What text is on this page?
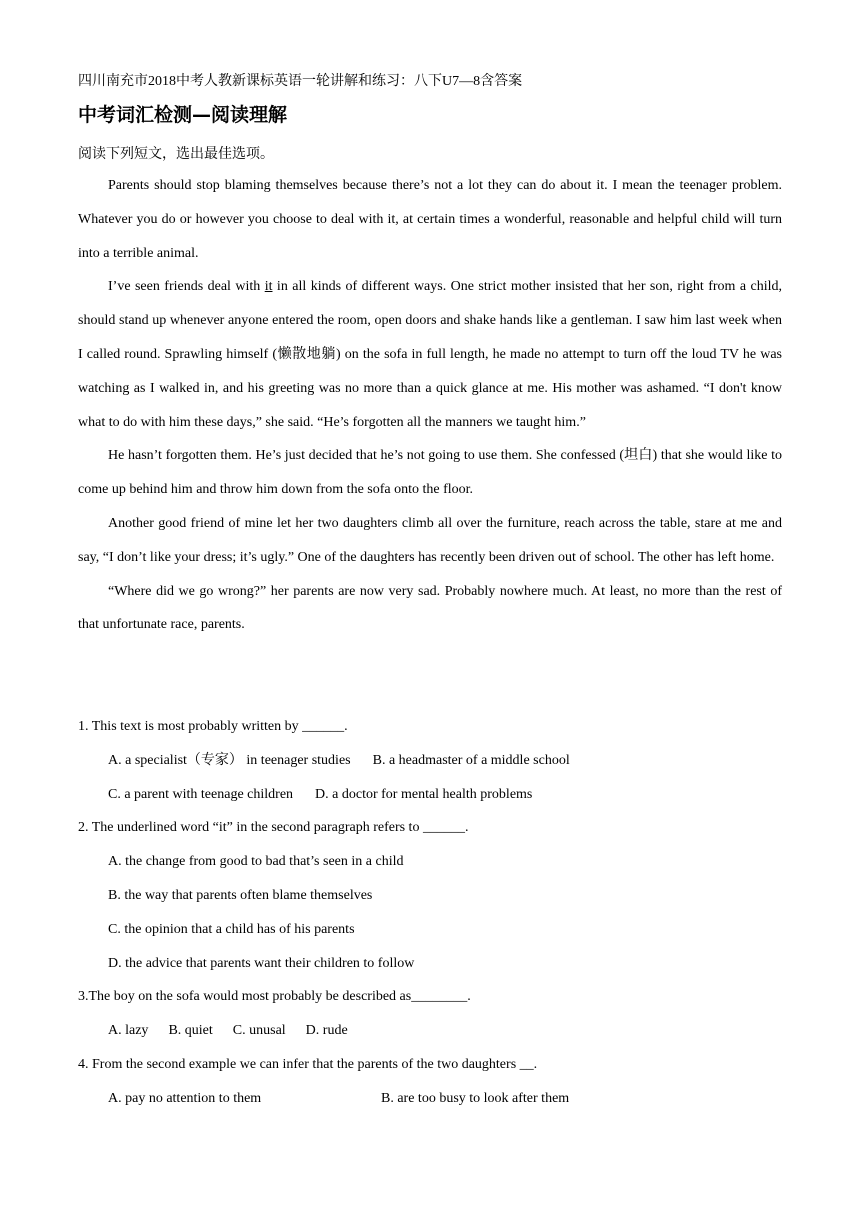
四川南充市2018中考人教新课标英语一轮讲解和练习：八下U7—8含答案
中考词汇检测—阅读理解
阅读下列短文，选出最佳选项。

Parents should stop blaming themselves because there’s not a lot they can do about it. I mean the teenager problem. Whatever you do or however you choose to deal with it, at certain times a wonderful, reasonable and helpful child will turn into a terrible animal.

I’ve seen friends deal with it in all kinds of different ways. One strict mother insisted that her son, right from a child, should stand up whenever anyone entered the room, open doors and shake hands like a gentleman. I saw him last week when I called round. Sprawling himself (懒散地躺) on the sofa in full length, he made no attempt to turn off the loud TV he was watching as I walked in, and his greeting was no more than a quick glance at me. His mother was ashamed. “I don't know what to do with him these days,” she said. “He’s forgotten all the manners we taught him.”

He hasn’t forgotten them. He’s just decided that he’s not going to use them. She confessed (坦白) that she would like to come up behind him and throw him down from the sofa onto the floor.

Another good friend of mine let her two daughters climb all over the furniture, reach across the table, stare at me and say, “I don’t like your dress; it’s ugly.” One of the daughters has recently been driven out of school. The other has left home.

“Where did we go wrong?” her parents are now very sad. Probably nowhere much. At least, no more than the rest of that unfortunate race, parents.

1. This text is most probably written by ______.
A. a specialist（专家） in teenager studies B. a headmaster of a middle school
C. a parent with teenage children D. a doctor for mental health problems
2. The underlined word “it” in the second paragraph refers to ______.
A. the change from good to bad that’s seen in a child
B. the way that parents often blame themselves
C. the opinion that a child has of his parents
D. the advice that parents want their children to follow
3.The boy on the sofa would most probably be described as________.
A. lazy B. quiet C. unusal D. rude
4. From the second example we can infer that the parents of the two daughters __.
A. pay no attention to them	B. are too busy to look after them
